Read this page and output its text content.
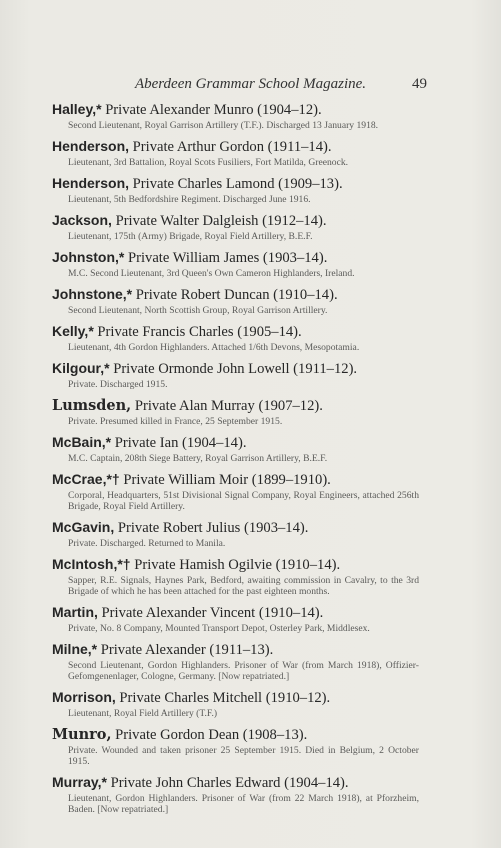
Aberdeen Grammar School Magazine.	49
Halley,* Private Alexander Munro (1904–12).
Second Lieutenant, Royal Garrison Artillery (T.F.). Discharged 13 January 1918.
Henderson, Private Arthur Gordon (1911–14).
Lieutenant, 3rd Battalion, Royal Scots Fusiliers, Fort Matilda, Greenock.
Henderson, Private Charles Lamond (1909–13).
Lieutenant, 5th Bedfordshire Regiment. Discharged June 1916.
Jackson, Private Walter Dalgleish (1912–14).
Lieutenant, 175th (Army) Brigade, Royal Field Artillery, B.E.F.
Johnston,* Private William James (1903–14).
M.C. Second Lieutenant, 3rd Queen's Own Cameron Highlanders, Ireland.
Johnstone,* Private Robert Duncan (1910–14).
Second Lieutenant, North Scottish Group, Royal Garrison Artillery.
Kelly,* Private Francis Charles (1905–14).
Lieutenant, 4th Gordon Highlanders. Attached 1/6th Devons, Mesopotamia.
Kilgour,* Private Ormonde John Lowell (1911–12).
Private. Discharged 1915.
Lumsden, Private Alan Murray (1907–12).
Private. Presumed killed in France, 25 September 1915.
McBain,* Private Ian (1904–14).
M.C. Captain, 208th Siege Battery, Royal Garrison Artillery, B.E.F.
McCrae,*† Private William Moir (1899–1910).
Corporal, Headquarters, 51st Divisional Signal Company, Royal Engineers, attached 256th Brigade, Royal Field Artillery.
McGavin, Private Robert Julius (1903–14).
Private. Discharged. Returned to Manila.
McIntosh,*† Private Hamish Ogilvie (1910–14).
Sapper, R.E. Signals, Haynes Park, Bedford, awaiting commission in Cavalry, to the 3rd Brigade of which he has been attached for the past eighteen months.
Martin, Private Alexander Vincent (1910–14).
Private, No. 8 Company, Mounted Transport Depot, Osterley Park, Middlesex.
Milne,* Private Alexander (1911–13).
Second Lieutenant, Gordon Highlanders. Prisoner of War (from March 1918), Offizier-Gefomgenenlager, Cologne, Germany. [Now repatriated.]
Morrison, Private Charles Mitchell (1910–12).
Lieutenant, Royal Field Artillery (T.F.)
Munro, Private Gordon Dean (1908–13).
Private. Wounded and taken prisoner 25 September 1915. Died in Belgium, 2 October 1915.
Murray,* Private John Charles Edward (1904–14).
Lieutenant, Gordon Highlanders. Prisoner of War (from 22 March 1918), at Pforzheim, Baden. [Now repatriated.]
